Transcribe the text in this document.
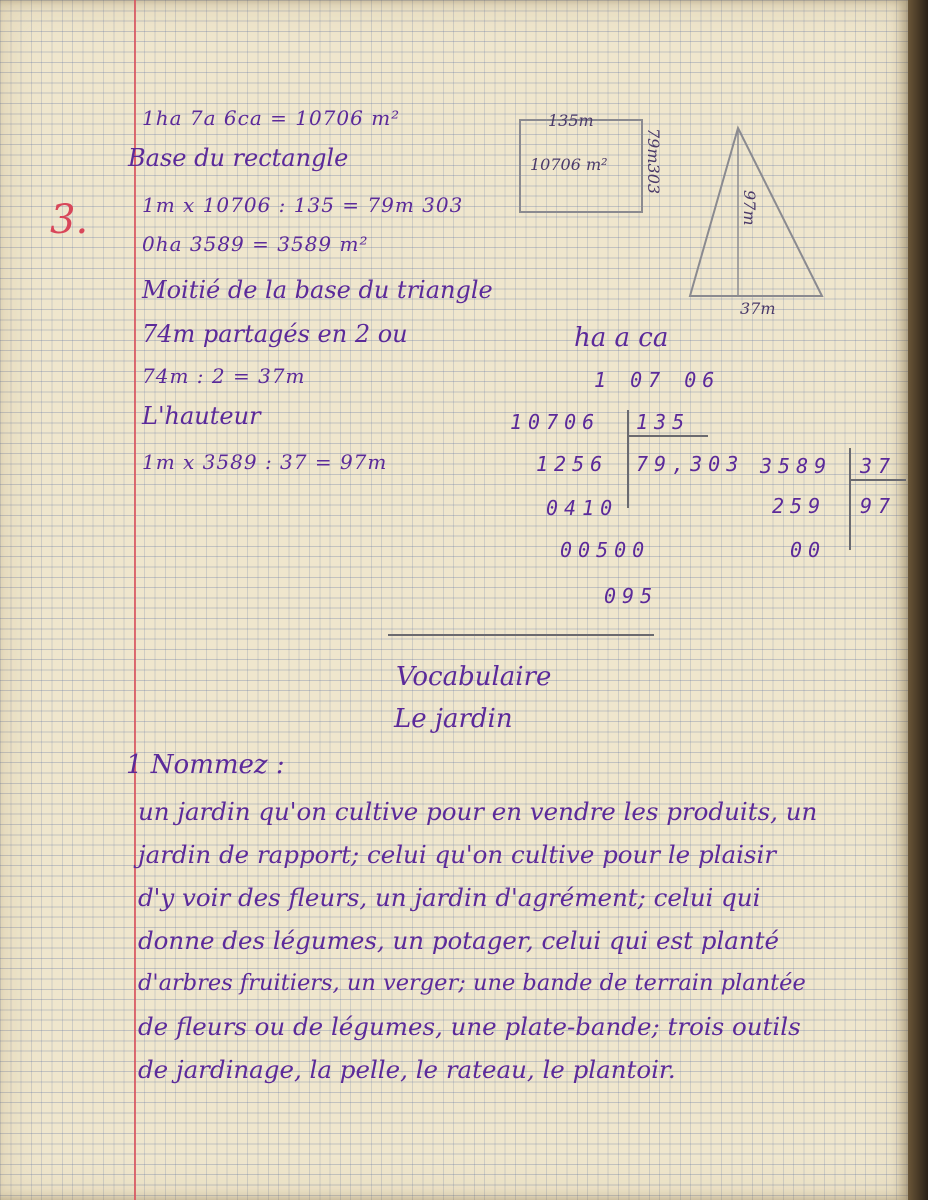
3.

1ha 7a 6ca = 10706 m²

Base du rectangle

1m x 10706 : 135 = 79m 303

0ha 3589 = 3589 m²

Moitié de la base du triangle

74m partagés en 2 ou

74m : 2 = 37m

L'hauteur

1m x 3589 : 37 = 97m

135m
10706 m² 79m303
97m
37m

ha a ca

1 07 06

10706 135

79,303

1256

0410

00500

095

3589 37

97

259

00

Vocabulaire

Le jardin

1 Nommez :

un jardin qu'on cultive pour en vendre les produits, un

jardin de rapport; celui qu'on cultive pour le plaisir

d'y voir des fleurs, un jardin d'agrément; celui qui

donne des légumes, un potager, celui qui est planté

d'arbres fruitiers, un verger; une bande de terrain plantée

de fleurs ou de légumes, une plate-bande; trois outils

de jardinage, la pelle, le rateau, le plantoir.
